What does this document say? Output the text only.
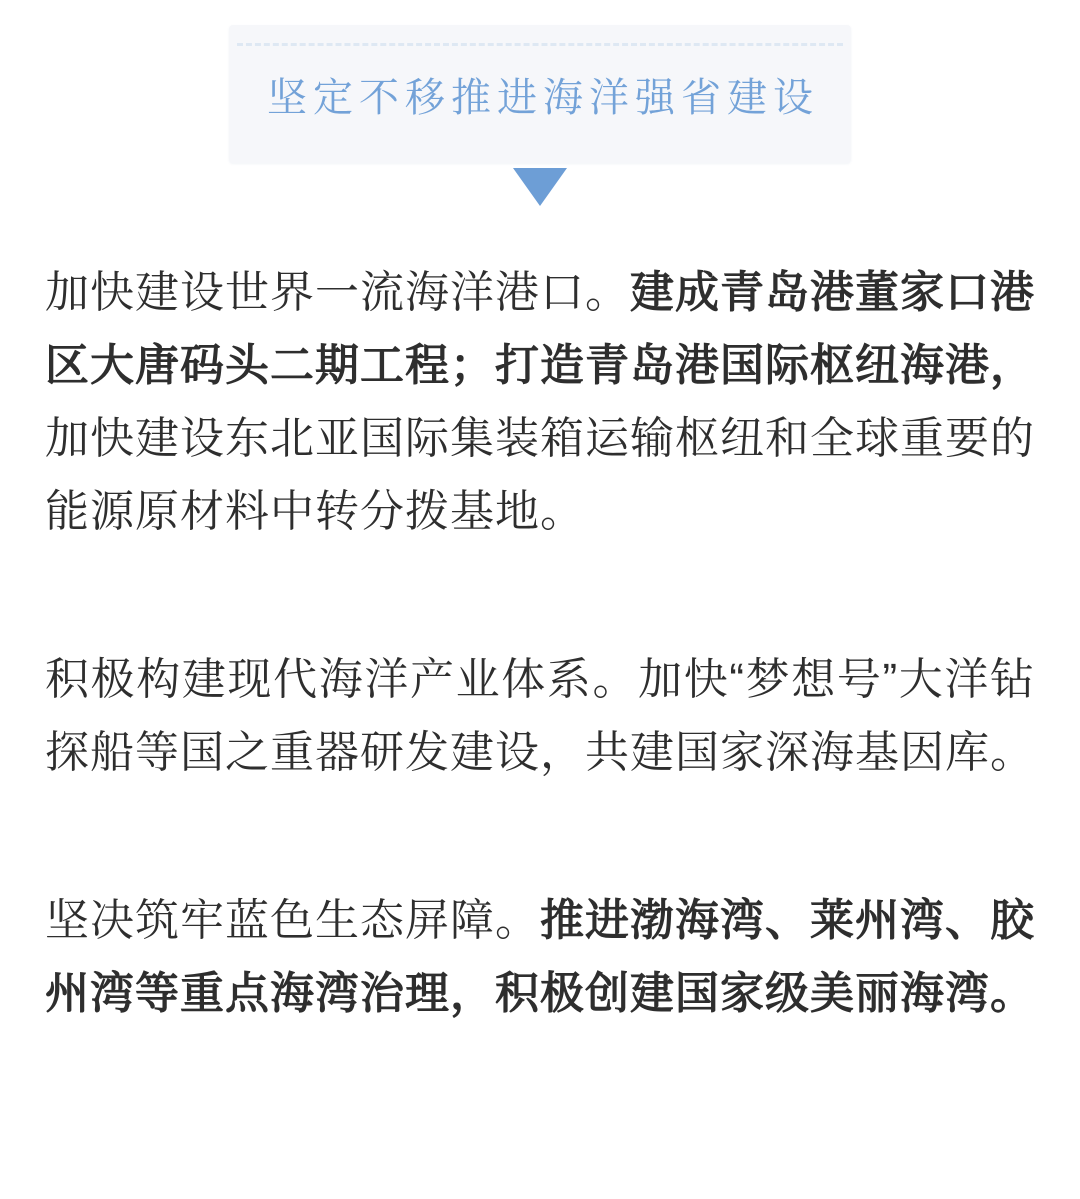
坚定不移推进海洋强省建设

加快建设世界一流海洋港口。建成青岛港董家口港区大唐码头二期工程；打造青岛港国际枢纽海港，加快建设东北亚国际集装箱运输枢纽和全球重要的能源原材料中转分拨基地。

积极构建现代海洋产业体系。加快“梦想号”大洋钻探船等国之重器研发建设，共建国家深海基因库。

坚决筑牢蓝色生态屏障。推进渤海湾、莱州湾、胶州湾等重点海湾治理，积极创建国家级美丽海湾。
